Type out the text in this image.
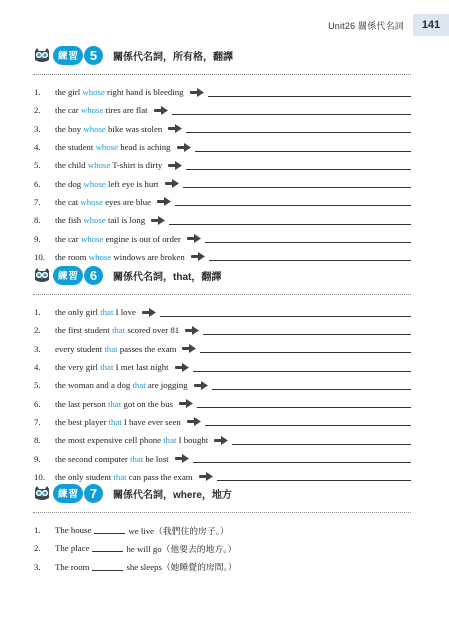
Unit26 關係代名詞 141
練習 5	關係代名詞，所有格，翻譯
1.	the girl whose right hand is bleeding
2.	the car whose tires are flat
3.	the boy whose bike was stolen
4.	the student whose head is aching
5.	the child whose T-shirt is dirty
6.	the dog whose left eye is hurt
7.	the cat whose eyes are blue
8.	the fish whose tail is long
9.	the car whose engine is out of order
10.	the room whose windows are broken
練習 6	關係代名詞，that，翻譯
1.	the only girl that I love
2.	the first student that scored over 81
3.	every student that passes the exam
4.	the very girl that I met last night
5.	the woman and a dog that are jogging
6.	the last person that got on the bus
7.	the best player that I have ever seen
8.	the most expensive cell phone that I bought
9.	the second computer that he lost
10.	the only student that can pass the exam
練習 7	關係代名詞，where，地方
1.	The house	we live（我們住的房子。）
2.	The place	he will go（他要去的地方。）
3.	The room	she sleeps（她睡覺的房間。）
